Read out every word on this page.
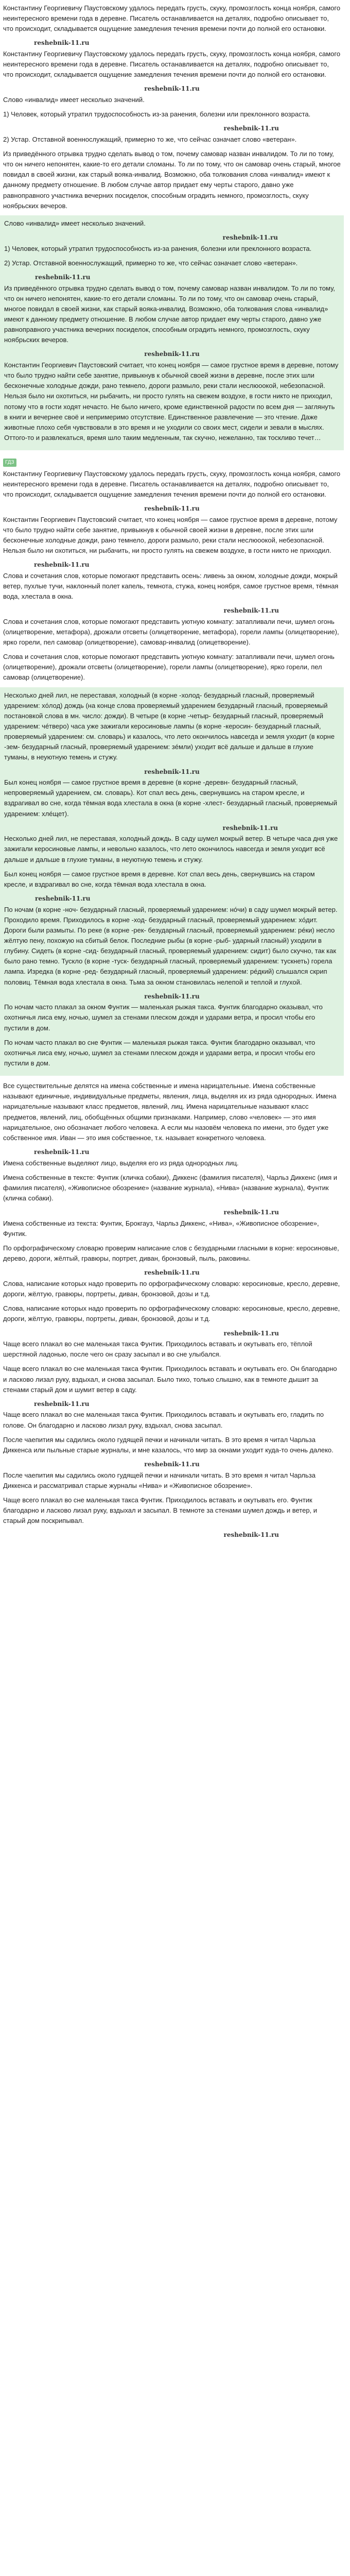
Константину Георгиевичу Паустовскому удалось передать грусть, скуку, промозглость конца ноября, самого неинтересного времени года в деревне. Писатель останавливается на деталях, подробно описывает то, что происходит, складывается ощущение замедления течения времени почти до полной его остановки.

reshebnik-11.ru

Константину Георгиевичу Паустовскому удалось передать грусть, скуку, промозглость конца ноября, самого неинтересного времени года в деревне. Писатель останавливается на деталях, подробно описывает то, что происходит, складывается ощущение замедления течения времени почти до полной его остановки.

reshebnik-11.ru

Слово «инвалид» имеет несколько значений.

1) Человек, который утратил трудоспособность из-за ранения, болезни или преклонного возраста.

reshebnik-11.ru

2) Устар. Отставной военнослужащий, примерно то же, что сейчас означает слово «ветеран».

Из приведённого отрывка трудно сделать вывод о том, почему самовар назван инвалидом. То ли по тому, что он ничего непонятен, какие-то его детали сломаны. То ли по тому, что он самовар очень старый, многое повидал в своей жизни, как старый вояка-инвалид. Возможно, оба толкования слова «инвалид» имеют к данному предмету отношение. В любом случае автор придает ему черты старого, давно уже равноправного участника вечерних посиделок, способным оградить немного, промозглость, скуку ноябрьских вечеров.

Слово «инвалид» имеет несколько значений.

reshebnik-11.ru

1) Человек, который утратил трудоспособность из-за ранения, болезни или преклонного возраста.

2) Устар. Отставной военнослужащий, примерно то же, что сейчас означает слово «ветеран».

reshebnik-11.ru

Из приведённого отрывка трудно сделать вывод о том, почему самовар назван инвалидом. То ли по тому, что он ничего непонятен, какие-то его детали сломаны. То ли по тому, что он самовар очень старый, многое повидал в своей жизни, как старый вояка-инвалид. Возможно, оба толкования слова «инвалид» имеют к данному предмету отношение. В любом случае автор придает ему черты старого, давно уже равноправного участника вечерних посиделок, способным оградить немного, промозглость, скуку ноябрьских вечеров.

reshebnik-11.ru

Константин Георгиевич Паустовский считает, что конец ноября — самое грустное время в деревне, потому что было трудно найти себе занятие, привыкнув к обычной своей жизни в деревне, после этих шли бесконечные холодные дожди, рано темнело, дороги размыло, реки стали неслюоокой, небезопасной. Нельзя было ни охотиться, ни рыбачить, ни просто гулять на свежем воздухе, в гости никто не приходил, потому что в гости ходят нечасто. Не было ничего, кроме единственной радости по всем дня — заглянуть в книги и вечернее своё и непримеримо отсутствие. Единственное развлечение — это чтение. Даже животные плохо себя чувствовали в это время и не уходили со своих мест, сидели и зевали в мыслях. Оттого-то и развлекаться, время шло таким медленным, так скучно, нежеланно, так тоскливо течет…

ГДЗ

Константину Георгиевичу Паустовскому удалось передать грусть, скуку, промозглость конца ноября, самого неинтересного времени года в деревне. Писатель останавливается на деталях, подробно описывает то, что происходит, складывается ощущение замедления течения времени почти до полной его остановки.

reshebnik-11.ru

Константин Георгиевич Паустовский считает, что конец ноября — самое грустное время в деревне, потому что было трудно найти себе занятие, привыкнув к обычной своей жизни в деревне, после этих шли бесконечные холодные дожди, рано темнело, дороги размыло, реки стали неслюоокой, небезопасной. Нельзя было ни охотиться, ни рыбачить, ни просто гулять на свежем воздухе, в гости никто не приходил.

reshebnik-11.ru

Слова и сочетания слов, которые помогают представить осень: ливень за окном, холодные дожди, мокрый ветер, пухлые тучи, наклонный полет капель, темнота, стужа, конец ноября, самое грустное время, тёмная вода, хлестала в окна.

reshebnik-11.ru

Слова и сочетания слов, которые помогают представить уютную комнату: затапливали печи, шумел огонь (олицетворение, метафора), дрожали отсветы (олицетворение, метафора), горели лампы (олицетворение), ярко горели, пел самовар (олицетворение), самовар-инвалид (олицетворение).

Слова и сочетания слов, которые помогают представить уютную комнату: затапливали печи, шумел огонь (олицетворение), дрожали отсветы (олицетворение), горели лампы (олицетворение), ярко горели, пел самовар (олицетворение).

Несколько дней лил, не переставая, холодный (в корне -холод- безударный гласный, проверяемый ударением: хóлод) дождь (на конце слова проверяемый ударением безударный гласный, проверяемый постановкой слова в мн. число: дожди). В четыре (в корне -четыр- безударный гласный, проверяемый ударением: чéтверо) часа уже зажигали керосиновые лампы (в корне -керосин- безударный гласный, проверяемый ударением: см. словарь) и казалось, что лето окончилось навсегда и земля уходит (в корне -зем- безударный гласный, проверяемый ударением: зéмли) уходит всё дальше и дальше в глухие туманы, в неуютную темень и стужу.

reshebnik-11.ru

Был конец ноября — самое грустное время в деревне (в корне -деревн- безударный гласный, непроверяемый ударением, см. словарь). Кот спал весь день, свернувшись на старом кресле, и вздрагивал во сне, когда тёмная вода хлестала в окна (в корне -хлест- безударный гласный, проверяемый ударением: хлéщет).

reshebnik-11.ru

Несколько дней лил, не переставая, холодный дождь. В саду шумел мокрый ветер. В четыре часа дня уже зажигали керосиновые лампы, и невольно казалось, что лето окончилось навсегда и земля уходит всё дальше и дальше в глухие туманы, в неуютную темень и стужу.

Был конец ноября — самое грустное время в деревне. Кот спал весь день, свернувшись на старом кресле, и вздрагивал во сне, когда тёмная вода хлестала в окна.

reshebnik-11.ru

По ночам (в корне -ноч- безударный гласный, проверяемый ударением: нóчи) в саду шумел мокрый ветер. Проходило время. Приходилось в корне -ход- безударный гласный, проверяемый ударением: хóдит. Дороги были размыты. По реке (в корне -рек- безударный гласный, проверяемый ударением: рéки) несло жёлтую пену, похожую на сбитый белок. Последние рыбы (в корне -рыб- ударный гласный) уходили в глубину. Сидеть (в корне -сид- безударный гласный, проверяемый ударением: сидит) было скучно, так как было рано темно. Тускло (в корне -туск- безударный гласный, проверяемый ударением: тускнеть) горела лампа. Изредка (в корне -ред- безударный гласный, проверяемый ударением: рéдкий) слышался скрип половиц. Тёмная вода хлестала в окна. Тьма за окном становилась нелепой и теплой и глухой.

reshebnik-11.ru

По ночам часто плакал за окном Фунтик — маленькая рыжая такса. Фунтик благодарно оказывал, что охотничья лиса ему, ночью, шумел за стенами плеском дождя и ударами ветра, и просил чтобы его пустили в дом.

По ночам часто плакал во сне Фунтик — маленькая рыжая такса. Фунтик благодарно оказывал, что охотничья лиса ему, ночью, шумел за стенами плеском дождя и ударами ветра, и просил чтобы его пустили в дом.

Все существительные делятся на имена собственные и имена нарицательные. Имена собственные называют единичные, индивидуальные предметы, явления, лица, выделяя их из ряда однородных. Имена нарицательные называют класс предметов, явлений, лиц. Имена нарицательные называют класс предметов, явлений, лиц, обобщённых общими признаками. Например, слово «человек» — это имя нарицательное, оно обозначает любого человека. А если мы назовём человека по имени, это будет уже собственное имя. Иван — это имя собственное, т.к. называет конкретного человека.

reshebnik-11.ru

Имена собственные выделяют лицо, выделяя его из ряда однородных лиц.

Имена собственные в тексте: Фунтик (кличка собаки), Диккенс (фамилия писателя), Чарльз Диккенс (имя и фамилия писателя), «Живописное обозрение» (название журнала), «Нива» (название журнала), Фунтик (кличка собаки).

reshebnik-11.ru

Имена собственные из текста: Фунтик, Брокгауз, Чарльз Диккенс, «Нива», «Живописное обозрение», Фунтик.

По орфографическому словарю проверим написание слов с безударными гласными в корне: керосиновые, дерево, дороги, жёлтый, гравюры, портрет, диван, бронзовый, пыль, раковины.

reshebnik-11.ru

Слова, написание которых надо проверить по орфографическому словарю: керосиновые, кресло, деревне, дороги, жёлтую, гравюры, портреты, диван, бронзовой, дозы и т.д.

Слова, написание которых надо проверить по орфографическому словарю: керосиновые, кресло, деревне, дороги, жёлтую, гравюры, портреты, диван, бронзовой, дозы и т.д.

reshebnik-11.ru

Чаще всего плакал во сне маленькая такса Фунтик. Приходилось вставать и окутывать его, тёплой шерстяной ладонью, после чего он сразу засыпал и во сне улыбался.

Чаще всего плакал во сне маленькая такса Фунтик. Приходилось вставать и окутывать его. Он благодарно и ласково лизал руку, вздыхал, и снова засыпал. Было тихо, только слышно, как в темноте дышит за стенами старый дом и шумит ветер в саду.

reshebnik-11.ru

Чаще всего плакал во сне маленькая такса Фунтик. Приходилось вставать и окутывать его, гладить по голове. Он благодарно и ласково лизал руку, вздыхал, снова засыпал.

После чаепития мы садились около гудящей печки и начинали читать. В это время я читал Чарльза Диккенса или пыльные старые журналы, и мне казалось, что мир за окнами уходит куда-то очень далеко.

reshebnik-11.ru

После чаепития мы садились около гудящей печки и начинали читать. В это время я читал Чарльза Диккенса и рассматривал старые журналы «Нива» и «Живописное обозрение».

Чаще всего плакал во сне маленькая такса Фунтик. Приходилось вставать и окутывать его. Фунтик благодарно и ласково лизал руку, вздыхал и засыпал. В темноте за стенами шумел дождь и ветер, и старый дом поскрипывал.

reshebnik-11.ru
